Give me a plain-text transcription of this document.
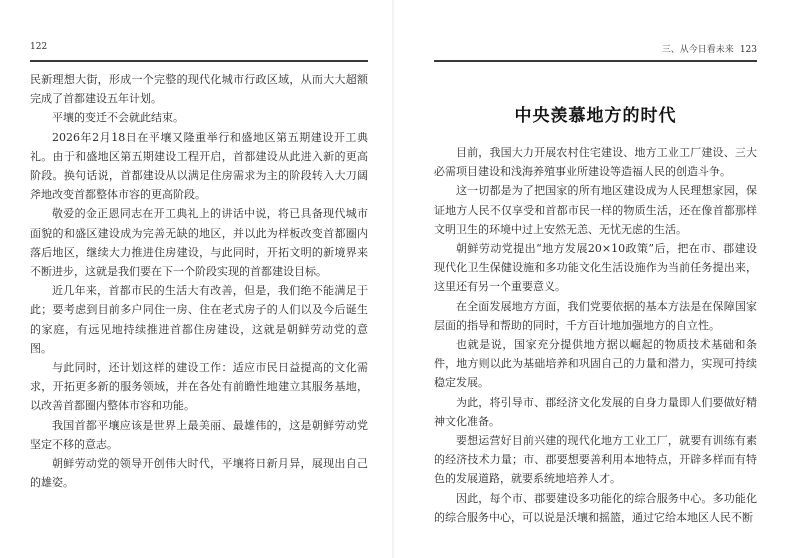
122

民新理想大街，形成一个完整的现代化城市行政区域，从而大大超额完成了首都建设五年计划。

平壤的变迁不会就此结束。

2026年2月18日在平壤又隆重举行和盛地区第五期建设开工典礼。由于和盛地区第五期建设工程开启，首都建设从此进入新的更高阶段。换句话说，首都建设从以满足住房需求为主的阶段转入大刀阔斧地改变首都整体市容的更高阶段。

敬爱的金正恩同志在开工典礼上的讲话中说，将已具备现代城市面貌的和盛区建设成为完善无缺的地区，并以此为样板改变首都圈内落后地区，继续大力推进住房建设，与此同时，开拓文明的新境界来不断进步，这就是我们要在下一个阶段实现的首都建设目标。

近几年来，首都市民的生活大有改善，但是，我们绝不能满足于此；要考虑到目前多户同住一房、住在老式房子的人们以及今后诞生的家庭，有远见地持续推进首都住房建设，这就是朝鲜劳动党的意图。

与此同时，还计划这样的建设工作：适应市民日益提高的文化需求，开拓更多新的服务领域，并在各处有前瞻性地建立其服务基地，以改善首都圈内整体市容和功能。

我国首都平壤应该是世界上最美丽、最雄伟的，这是朝鲜劳动党坚定不移的意志。

朝鲜劳动党的领导开创伟大时代，平壤将日新月异，展现出自己的雄姿。

三、从今日看未来 123
中央羡慕地方的时代

目前，我国大力开展农村住宅建设、地方工业工厂建设、三大必需项目建设和浅海养殖事业所建设等造福人民的创造斗争。

这一切都是为了把国家的所有地区建设成为人民理想家园，保证地方人民不仅享受和首都市民一样的物质生活，还在像首都那样文明卫生的环境中过上安然无恙、无忧无虑的生活。

朝鲜劳动党提出“地方发展20×10政策”后，把在市、郡建设现代化卫生保健设施和多功能文化生活设施作为当前任务提出来，这里还有另一个重要意义。

在全面发展地方方面，我们党要依据的基本方法是在保障国家层面的指导和帮助的同时，千方百计地加强地方的自立性。

也就是说，国家充分提供地方据以崛起的物质技术基础和条件，地方则以此为基础培养和巩固自己的力量和潜力，实现可持续稳定发展。

为此，将引导市、郡经济文化发展的自身力量即人们要做好精神文化准备。

要想运营好目前兴建的现代化地方工业工厂，就要有训练有素的经济技术力量；市、郡要想要善利用本地特点，开辟多样而有特色的发展道路，就要系统地培养人才。

因此，每个市、郡要建设多功能化的综合服务中心。多功能化的综合服务中心，可以说是沃壤和摇篮，通过它给本地区人民不断
